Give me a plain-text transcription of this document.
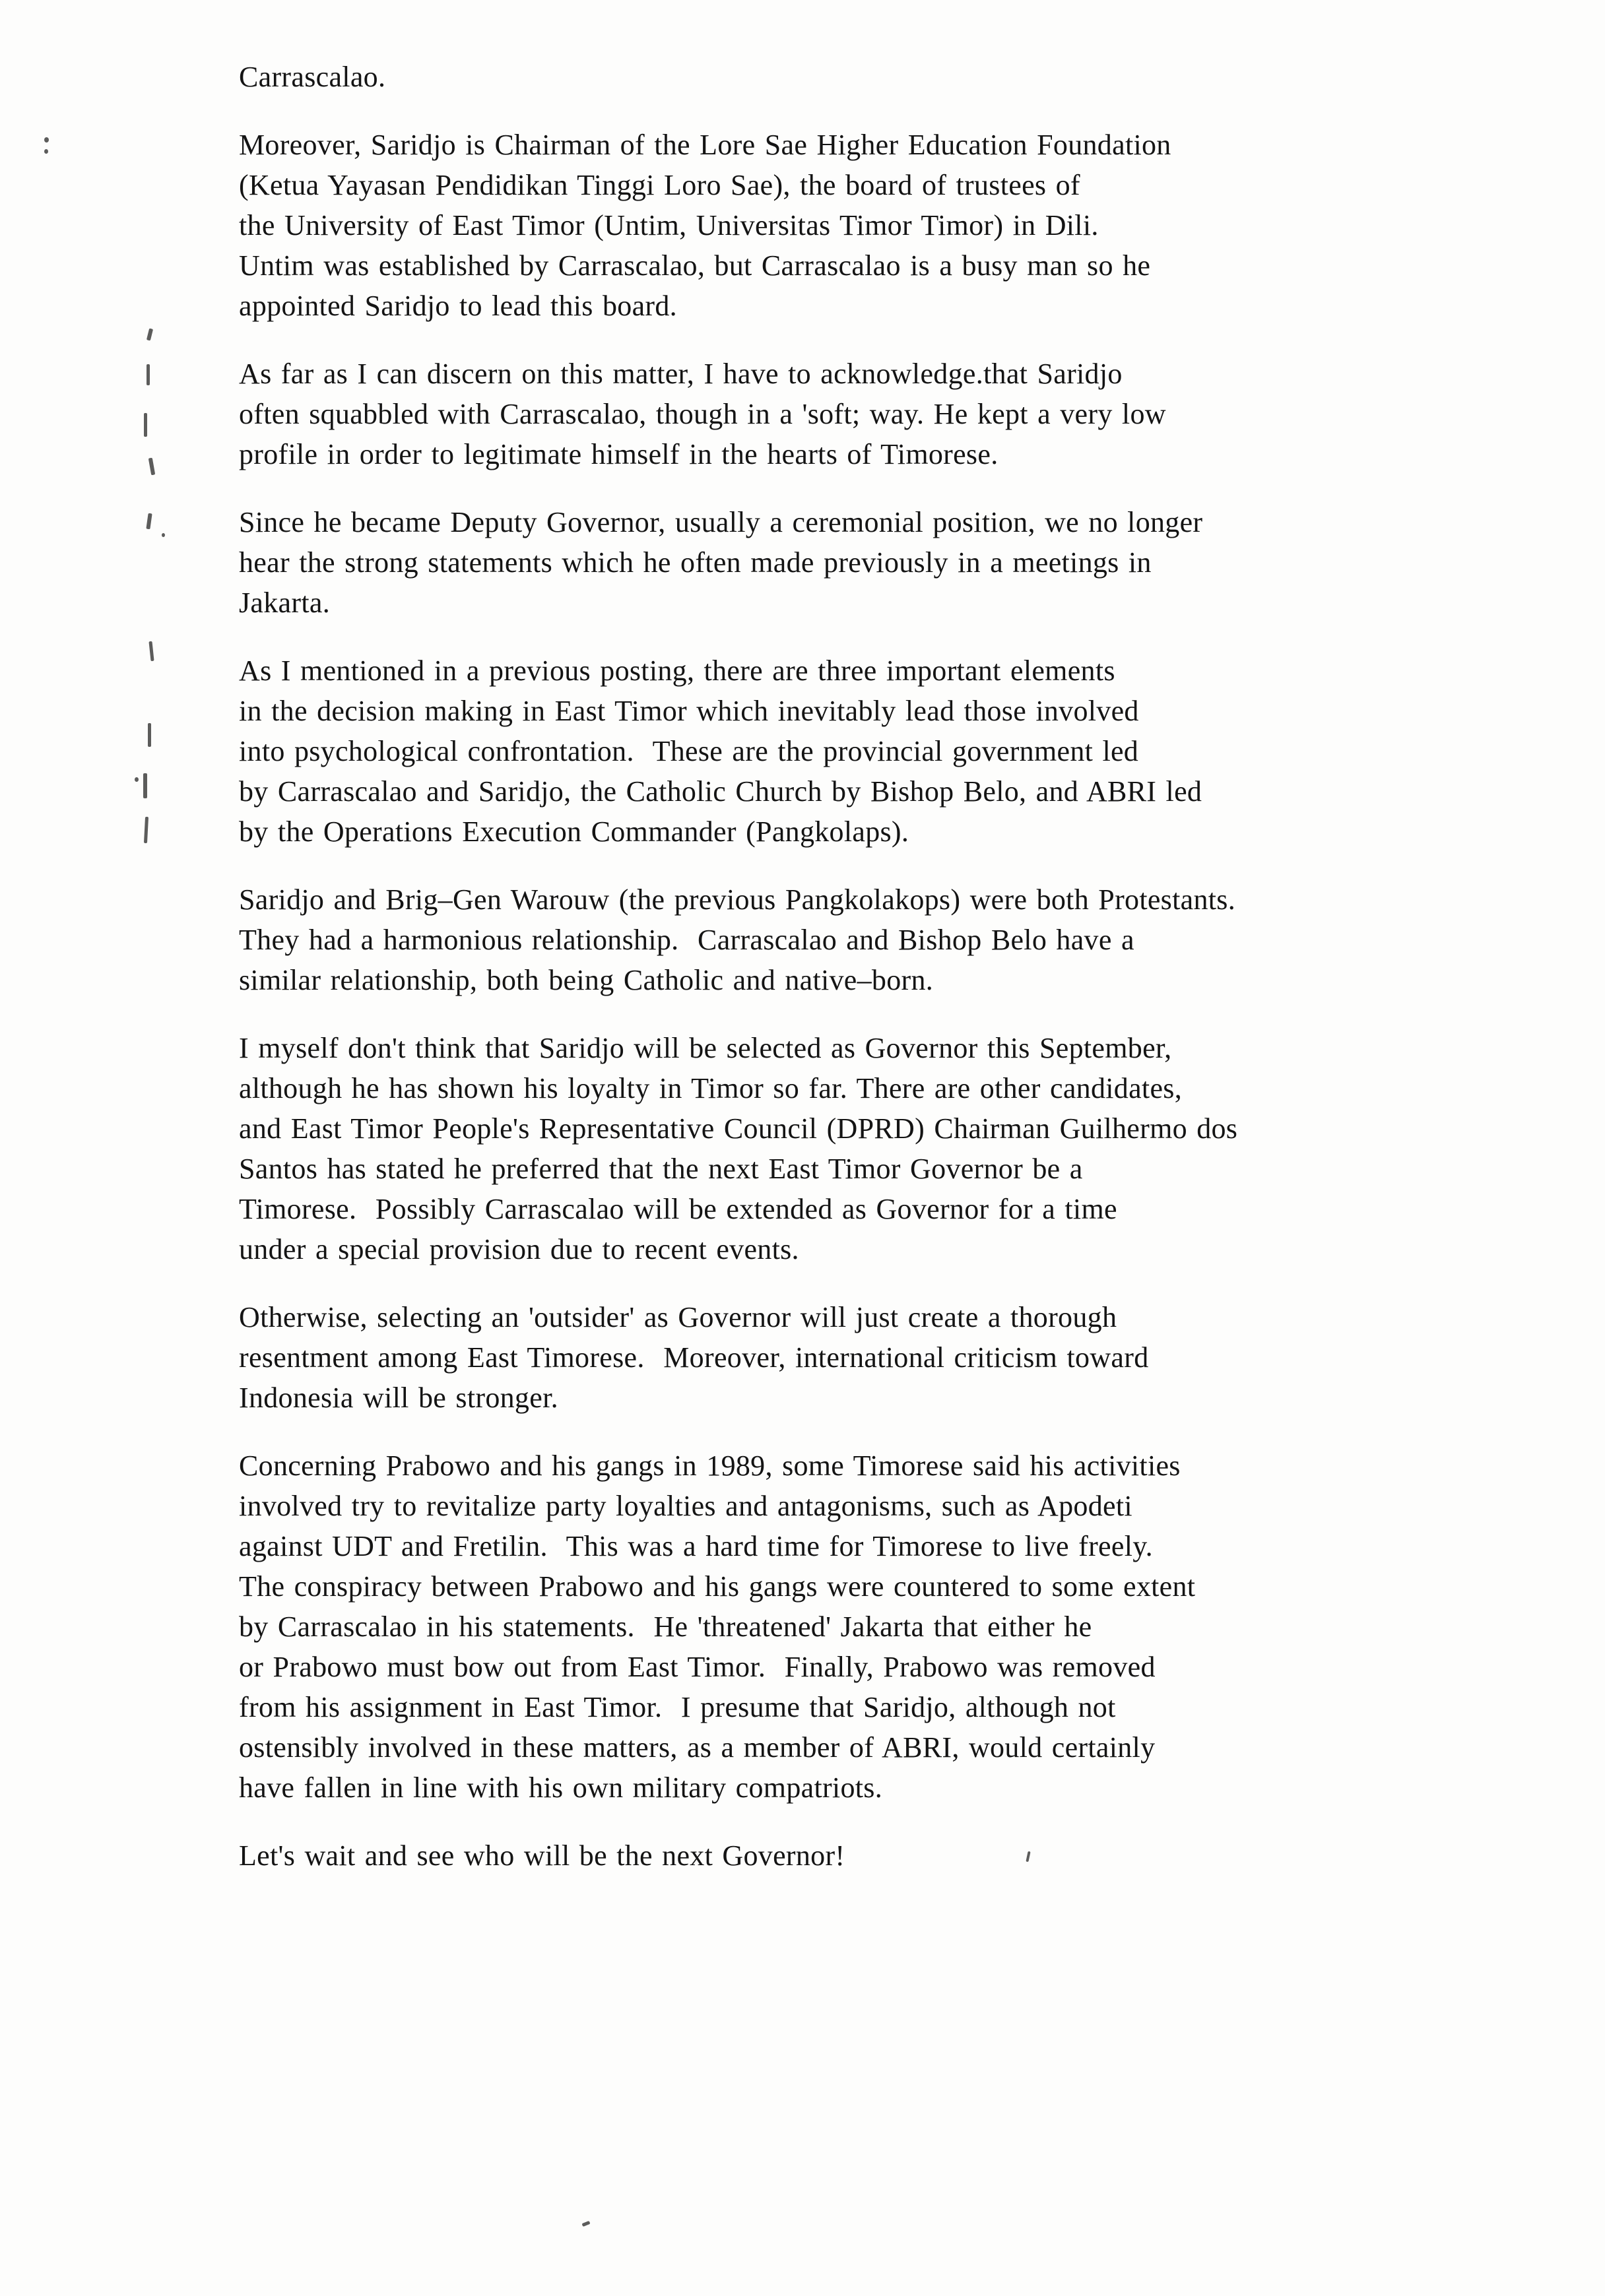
Carrascalao.
Moreover, Saridjo is Chairman of the Lore Sae Higher Education Foundation
(Ketua Yayasan Pendidikan Tinggi Loro Sae), the board of trustees of
the University of East Timor (Untim, Universitas Timor Timor) in Dili.
Untim was established by Carrascalao, but Carrascalao is a busy man so he
appointed Saridjo to lead this board.
As far as I can discern on this matter, I have to acknowledge.that Saridjo
often squabbled with Carrascalao, though in a 'soft; way. He kept a very low
profile in order to legitimate himself in the hearts of Timorese.
Since he became Deputy Governor, usually a ceremonial position, we no longer
hear the strong statements which he often made previously in a meetings in
Jakarta.
As I mentioned in a previous posting, there are three important elements
in the decision making in East Timor which inevitably lead those involved
into psychological confrontation.  These are the provincial government led
by Carrascalao and Saridjo, the Catholic Church by Bishop Belo, and ABRI led
by the Operations Execution Commander (Pangkolaps).
Saridjo and Brig–Gen Warouw (the previous Pangkolakops) were both Protestants.
They had a harmonious relationship.  Carrascalao and Bishop Belo have a
similar relationship, both being Catholic and native–born.
I myself don't think that Saridjo will be selected as Governor this September,
although he has shown his loyalty in Timor so far. There are other candidates,
and East Timor People's Representative Council (DPRD) Chairman Guilhermo dos
Santos has stated he preferred that the next East Timor Governor be a
Timorese.  Possibly Carrascalao will be extended as Governor for a time
under a special provision due to recent events.
Otherwise, selecting an 'outsider' as Governor will just create a thorough
resentment among East Timorese.  Moreover, international criticism toward
Indonesia will be stronger.
Concerning Prabowo and his gangs in 1989, some Timorese said his activities
involved try to revitalize party loyalties and antagonisms, such as Apodeti
against UDT and Fretilin.  This was a hard time for Timorese to live freely.
The conspiracy between Prabowo and his gangs were countered to some extent
by Carrascalao in his statements.  He 'threatened' Jakarta that either he
or Prabowo must bow out from East Timor.  Finally, Prabowo was removed
from his assignment in East Timor.  I presume that Saridjo, although not
ostensibly involved in these matters, as a member of ABRI, would certainly
have fallen in line with his own military compatriots.
Let's wait and see who will be the next Governor!
